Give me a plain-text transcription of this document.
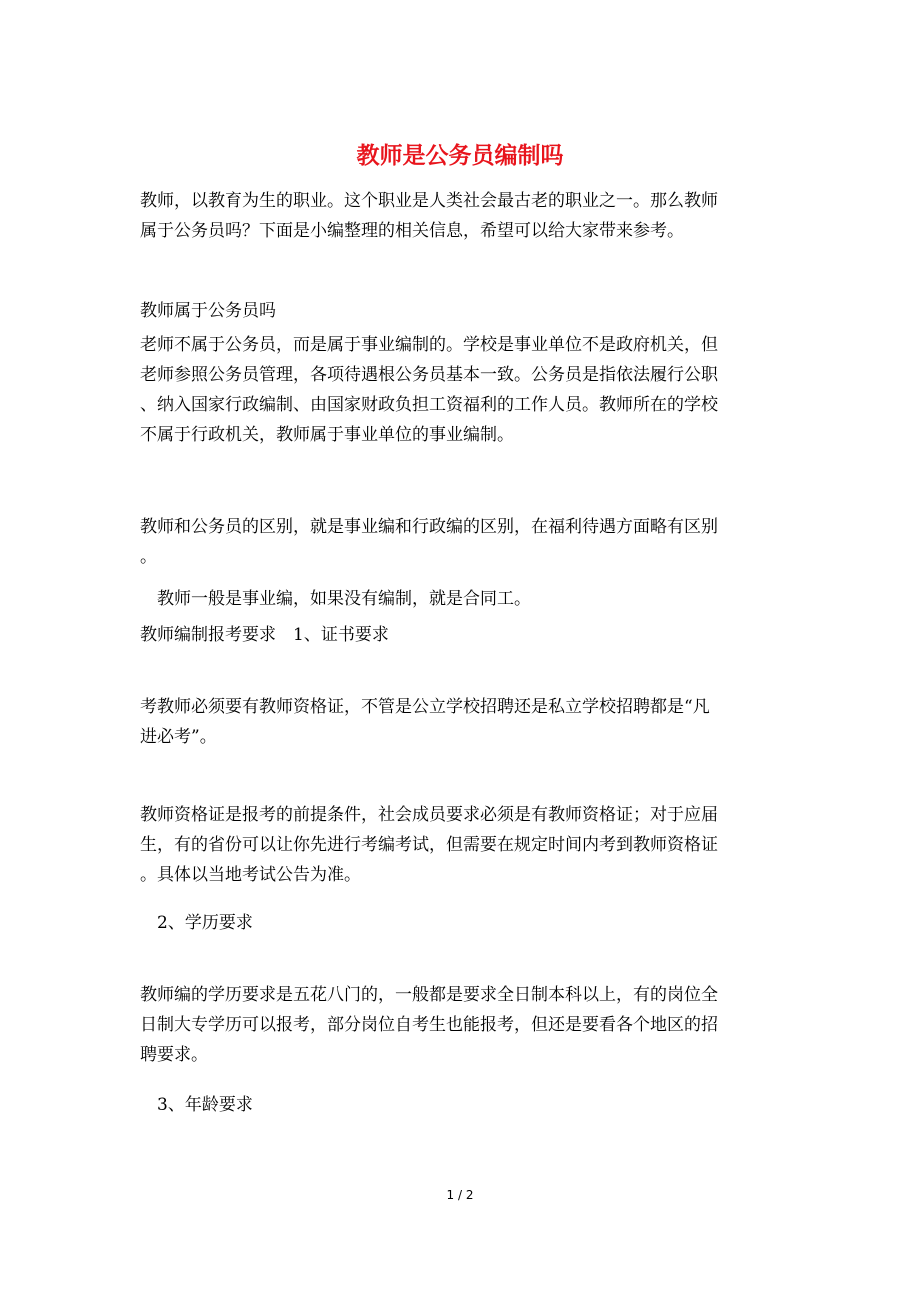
教师是公务员编制吗
教师，以教育为生的职业。这个职业是人类社会最古老的职业之一。那么教师
属于公务员吗？下面是小编整理的相关信息，希望可以给大家带来参考。
教师属于公务员吗
老师不属于公务员，而是属于事业编制的。学校是事业单位不是政府机关，但
老师参照公务员管理，各项待遇根公务员基本一致。公务员是指依法履行公职
、纳入国家行政编制、由国家财政负担工资福利的工作人员。教师所在的学校
不属于行政机关，教师属于事业单位的事业编制。
教师和公务员的区别，就是事业编和行政编的区别，在福利待遇方面略有区别
。
　教师一般是事业编，如果没有编制，就是合同工。
教师编制报考要求　1、证书要求
考教师必须要有教师资格证，不管是公立学校招聘还是私立学校招聘都是“凡
进必考”。
教师资格证是报考的前提条件，社会成员要求必须是有教师资格证；对于应届
生，有的省份可以让你先进行考编考试，但需要在规定时间内考到教师资格证
。具体以当地考试公告为准。
　2、学历要求
教师编的学历要求是五花八门的，一般都是要求全日制本科以上，有的岗位全
日制大专学历可以报考，部分岗位自考生也能报考，但还是要看各个地区的招
聘要求。
　3、年龄要求
1 / 2
